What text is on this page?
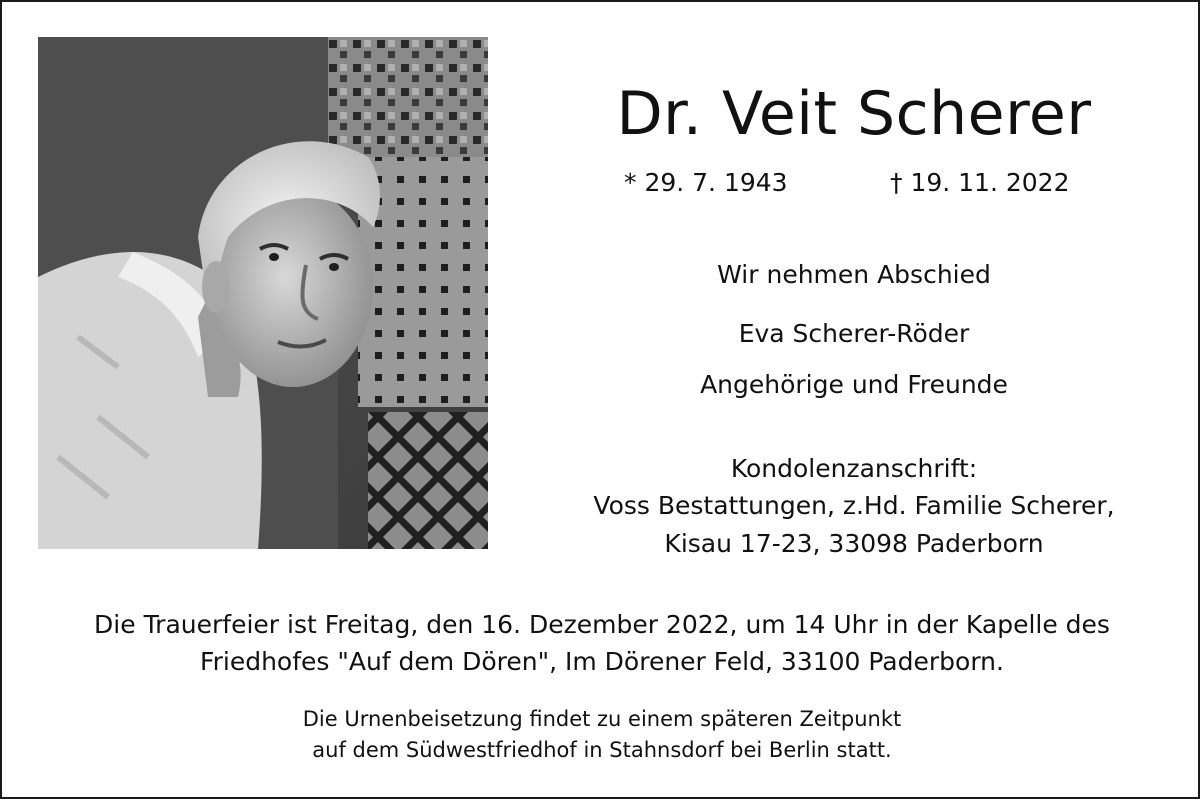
Dr. Veit Scherer
* 29. 7. 1943	† 19. 11. 2022
Wir nehmen Abschied
Eva Scherer-Röder
Angehörige und Freunde
Kondolenzanschrift:
Voss Bestattungen, z.Hd. Familie Scherer,
Kisau 17-23, 33098 Paderborn
Die Trauerfeier ist Freitag, den 16. Dezember 2022, um 14 Uhr in der Kapelle des
Friedhofes "Auf dem Dören", Im Dörener Feld, 33100 Paderborn.
Die Urnenbeisetzung findet zu einem späteren Zeitpunkt
auf dem Südwestfriedhof in Stahnsdorf bei Berlin statt.
